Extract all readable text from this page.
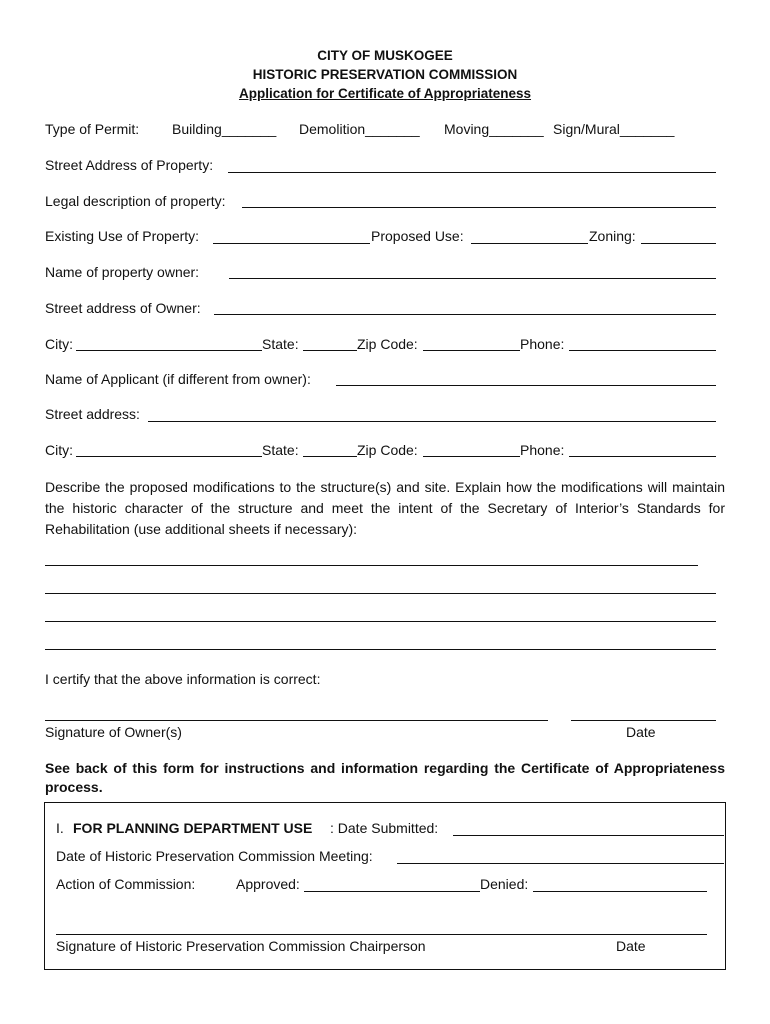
CITY OF MUSKOGEE
HISTORIC PRESERVATION COMMISSION
Application for Certificate of Appropriateness
Type of Permit: Building_______ Demolition_______ Moving_______ Sign/Mural_______
Street Address of Property:
Legal description of property:
Existing Use of Property:	Proposed Use:	Zoning:
Name of property owner:
Street address of Owner:
City:	State:	Zip Code:	Phone:
Name of Applicant (if different from owner):
Street address:
City:	State:	Zip Code:	Phone:
Describe the proposed modifications to the structure(s) and site. Explain how the modifications will maintain the historic character of the structure and meet the intent of the Secretary of Interior’s Standards for Rehabilitation (use additional sheets if necessary):
I certify that the above information is correct:
Signature of Owner(s)	Date
See back of this form for instructions and information regarding the Certificate of Appropriateness process.
I. FOR PLANNING DEPARTMENT USE : Date Submitted:
Date of Historic Preservation Commission Meeting:
Action of Commission:	Approved:	Denied:
Signature of Historic Preservation Commission Chairperson	Date
